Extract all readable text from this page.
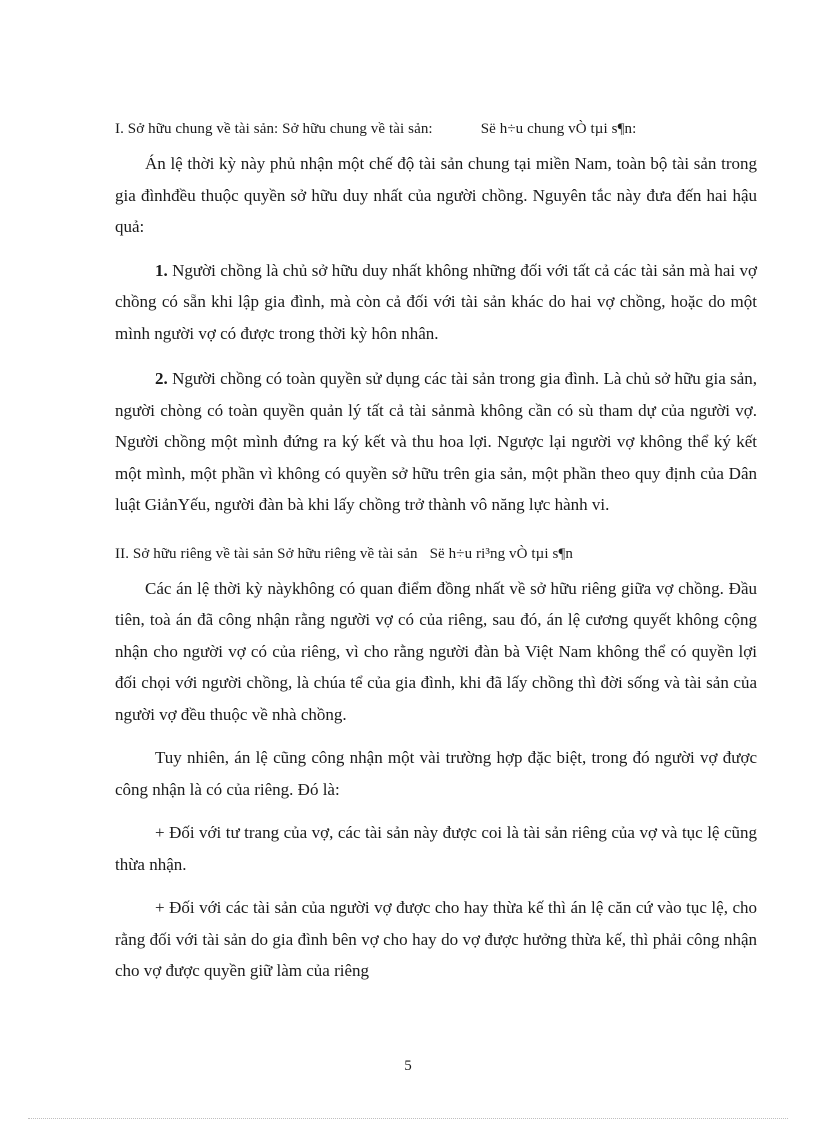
I. Sở hữu chung về tài sản: Sở hữu chung về tài sản:	Së h÷u chung vÒ tµi s¶n:

Án lệ thời kỳ này phủ nhận một chế độ tài sản chung tại miền Nam, toàn bộ tài sản trong gia đìnhđều thuộc quyền sở hữu duy nhất của người chồng. Nguyên tắc này đưa đến hai hậu quả:

1. Người chồng là chủ sở hữu duy nhất không những đối với tất cả các tài sản mà hai vợ chồng có sẵn khi lập gia đình, mà còn cả đối với tài sản khác do hai vợ chồng, hoặc do một mình người vợ có được trong thời kỳ hôn nhân.

2. Người chồng có toàn quyền sử dụng các tài sản trong gia đình. Là chủ sở hữu gia sản, người chòng có toàn quyền quản lý tất cả tài sảnmà không cần có sù tham dự của người vợ. Người chồng một mình đứng ra ký kết và thu hoa lợi. Ngược lại người vợ không thể ký kết một mình, một phần vì không có quyền sở hữu trên gia sản, một phần theo quy định của Dân luật GiảnYếu, người đàn bà khi lấy chồng trở thành vô năng lực hành vi.

II. Sở hữu riêng về tài sản Sở hữu riêng về tài sản Së h÷u ri³ng vÒ tµi s¶n

Các án lệ thời kỳ nàykhông có quan điểm đồng nhất về sở hữu riêng giữa vợ chồng. Đầu tiên, toà án đã công nhận rằng người vợ có của riêng, sau đó, án lệ cương quyết không cộng nhận cho người vợ có của riêng, vì cho rằng người đàn bà Việt Nam không thể có quyền lợi đối chọi với người chồng, là chúa tể của gia đình, khi đã lấy chồng thì đời sống và tài sản của người vợ đều thuộc về nhà chồng.

Tuy nhiên, án lệ cũng công nhận một vài trường hợp đặc biệt, trong đó người vợ được công nhận là có của riêng. Đó là:

+ Đối với tư trang của vợ, các tài sản này được coi là tài sản riêng của vợ và tục lệ cũng thừa nhận.

+ Đối với các tài sản của người vợ được cho hay thừa kế thì án lệ căn cứ vào tục lệ, cho rằng đối với tài sản do gia đình bên vợ cho hay do vợ được hưởng thừa kế, thì phải công nhận cho vợ được quyền giữ làm của riêng

5
